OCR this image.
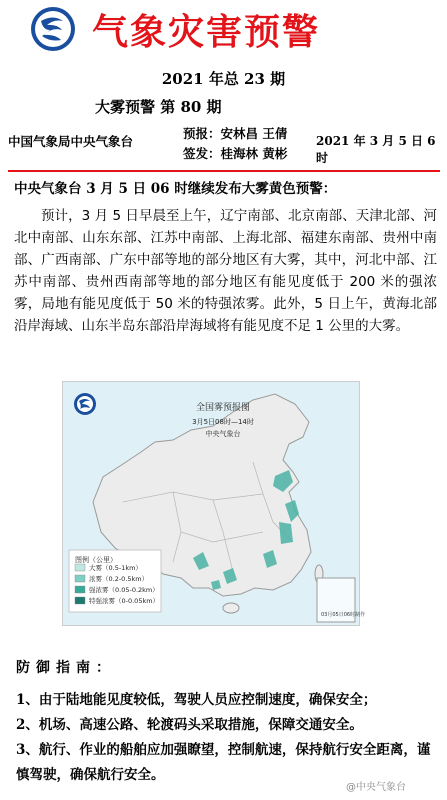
气象灾害预警
2021 年总 23 期
大雾预警 第 80 期
中国气象局中央气象台
预报：安林昌 王倩
签发：桂海林 黄彬
2021 年 3 月 5 日 6 时
中央气象台 3 月 5 日 06 时继续发布大雾黄色预警：
预计，3 月 5 日早晨至上午，辽宁南部、北京南部、天津北部、河北中南部、山东东部、江苏中南部、上海北部、福建东南部、贵州中南部、广西南部、广东中部等地的部分地区有大雾，其中，河北中部、江苏中南部、贵州西南部等地的部分地区有能见度低于 200 米的强浓雾，局地有能见度低于 50 米的特强浓雾。此外，5 日上午，黄海北部沿岸海域、山东半岛东部沿岸海域将有能见度不足 1 公里的大雾。
全国雾预报图
3月5日08时—14时
中央气象台
图例（公里）
大雾（0.5-1km）
浓雾（0.2-0.5km）
强浓雾（0.05-0.2km）
特强浓雾（0-0.05km）
03月05日06时制作
防御指南：
1、由于陆地能见度较低，驾驶人员应控制速度，确保安全；
2、机场、高速公路、轮渡码头采取措施，保障交通安全。
3、航行、作业的船舶应加强瞭望，控制航速，保持航行安全距离，谨慎驾驶，确保航行安全。
@中央气象台
